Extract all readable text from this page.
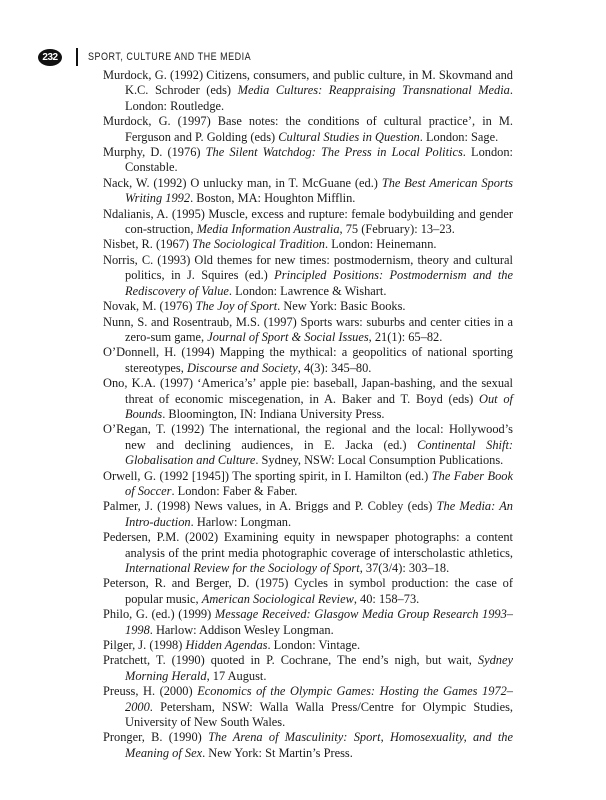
232	SPORT, CULTURE AND THE MEDIA

Murdock, G. (1992) Citizens, consumers, and public culture, in M. Skovmand and K.C. Schroder (eds) Media Cultures: Reappraising Transnational Media. London: Routledge.

Murdock, G. (1997) Base notes: the conditions of cultural practice’, in M. Ferguson and P. Golding (eds) Cultural Studies in Question. London: Sage.

Murphy, D. (1976) The Silent Watchdog: The Press in Local Politics. London: Constable.

Nack, W. (1992) O unlucky man, in T. McGuane (ed.) The Best American Sports Writing 1992. Boston, MA: Houghton Mifflin.

Ndalianis, A. (1995) Muscle, excess and rupture: female bodybuilding and gender con-struction, Media Information Australia, 75 (February): 13–23.

Nisbet, R. (1967) The Sociological Tradition. London: Heinemann.

Norris, C. (1993) Old themes for new times: postmodernism, theory and cultural politics, in J. Squires (ed.) Principled Positions: Postmodernism and the Rediscovery of Value. London: Lawrence & Wishart.

Novak, M. (1976) The Joy of Sport. New York: Basic Books.

Nunn, S. and Rosentraub, M.S. (1997) Sports wars: suburbs and center cities in a zero-sum game, Journal of Sport & Social Issues, 21(1): 65–82.

O’Donnell, H. (1994) Mapping the mythical: a geopolitics of national sporting stereotypes, Discourse and Society, 4(3): 345–80.

Ono, K.A. (1997) ‘America’s’ apple pie: baseball, Japan-bashing, and the sexual threat of economic miscegenation, in A. Baker and T. Boyd (eds) Out of Bounds. Bloomington, IN: Indiana University Press.

O’Regan, T. (1992) The international, the regional and the local: Hollywood’s new and declining audiences, in E. Jacka (ed.) Continental Shift: Globalisation and Culture. Sydney, NSW: Local Consumption Publications.

Orwell, G. (1992 [1945]) The sporting spirit, in I. Hamilton (ed.) The Faber Book of Soccer. London: Faber & Faber.

Palmer, J. (1998) News values, in A. Briggs and P. Cobley (eds) The Media: An Intro-duction. Harlow: Longman.

Pedersen, P.M. (2002) Examining equity in newspaper photographs: a content analysis of the print media photographic coverage of interscholastic athletics, International Review for the Sociology of Sport, 37(3/4): 303–18.

Peterson, R. and Berger, D. (1975) Cycles in symbol production: the case of popular music, American Sociological Review, 40: 158–73.

Philo, G. (ed.) (1999) Message Received: Glasgow Media Group Research 1993–1998. Harlow: Addison Wesley Longman.

Pilger, J. (1998) Hidden Agendas. London: Vintage.

Pratchett, T. (1990) quoted in P. Cochrane, The end’s nigh, but wait, Sydney Morning Herald, 17 August.

Preuss, H. (2000) Economics of the Olympic Games: Hosting the Games 1972–2000. Petersham, NSW: Walla Walla Press/Centre for Olympic Studies, University of New South Wales.

Pronger, B. (1990) The Arena of Masculinity: Sport, Homosexuality, and the Meaning of Sex. New York: St Martin’s Press.
